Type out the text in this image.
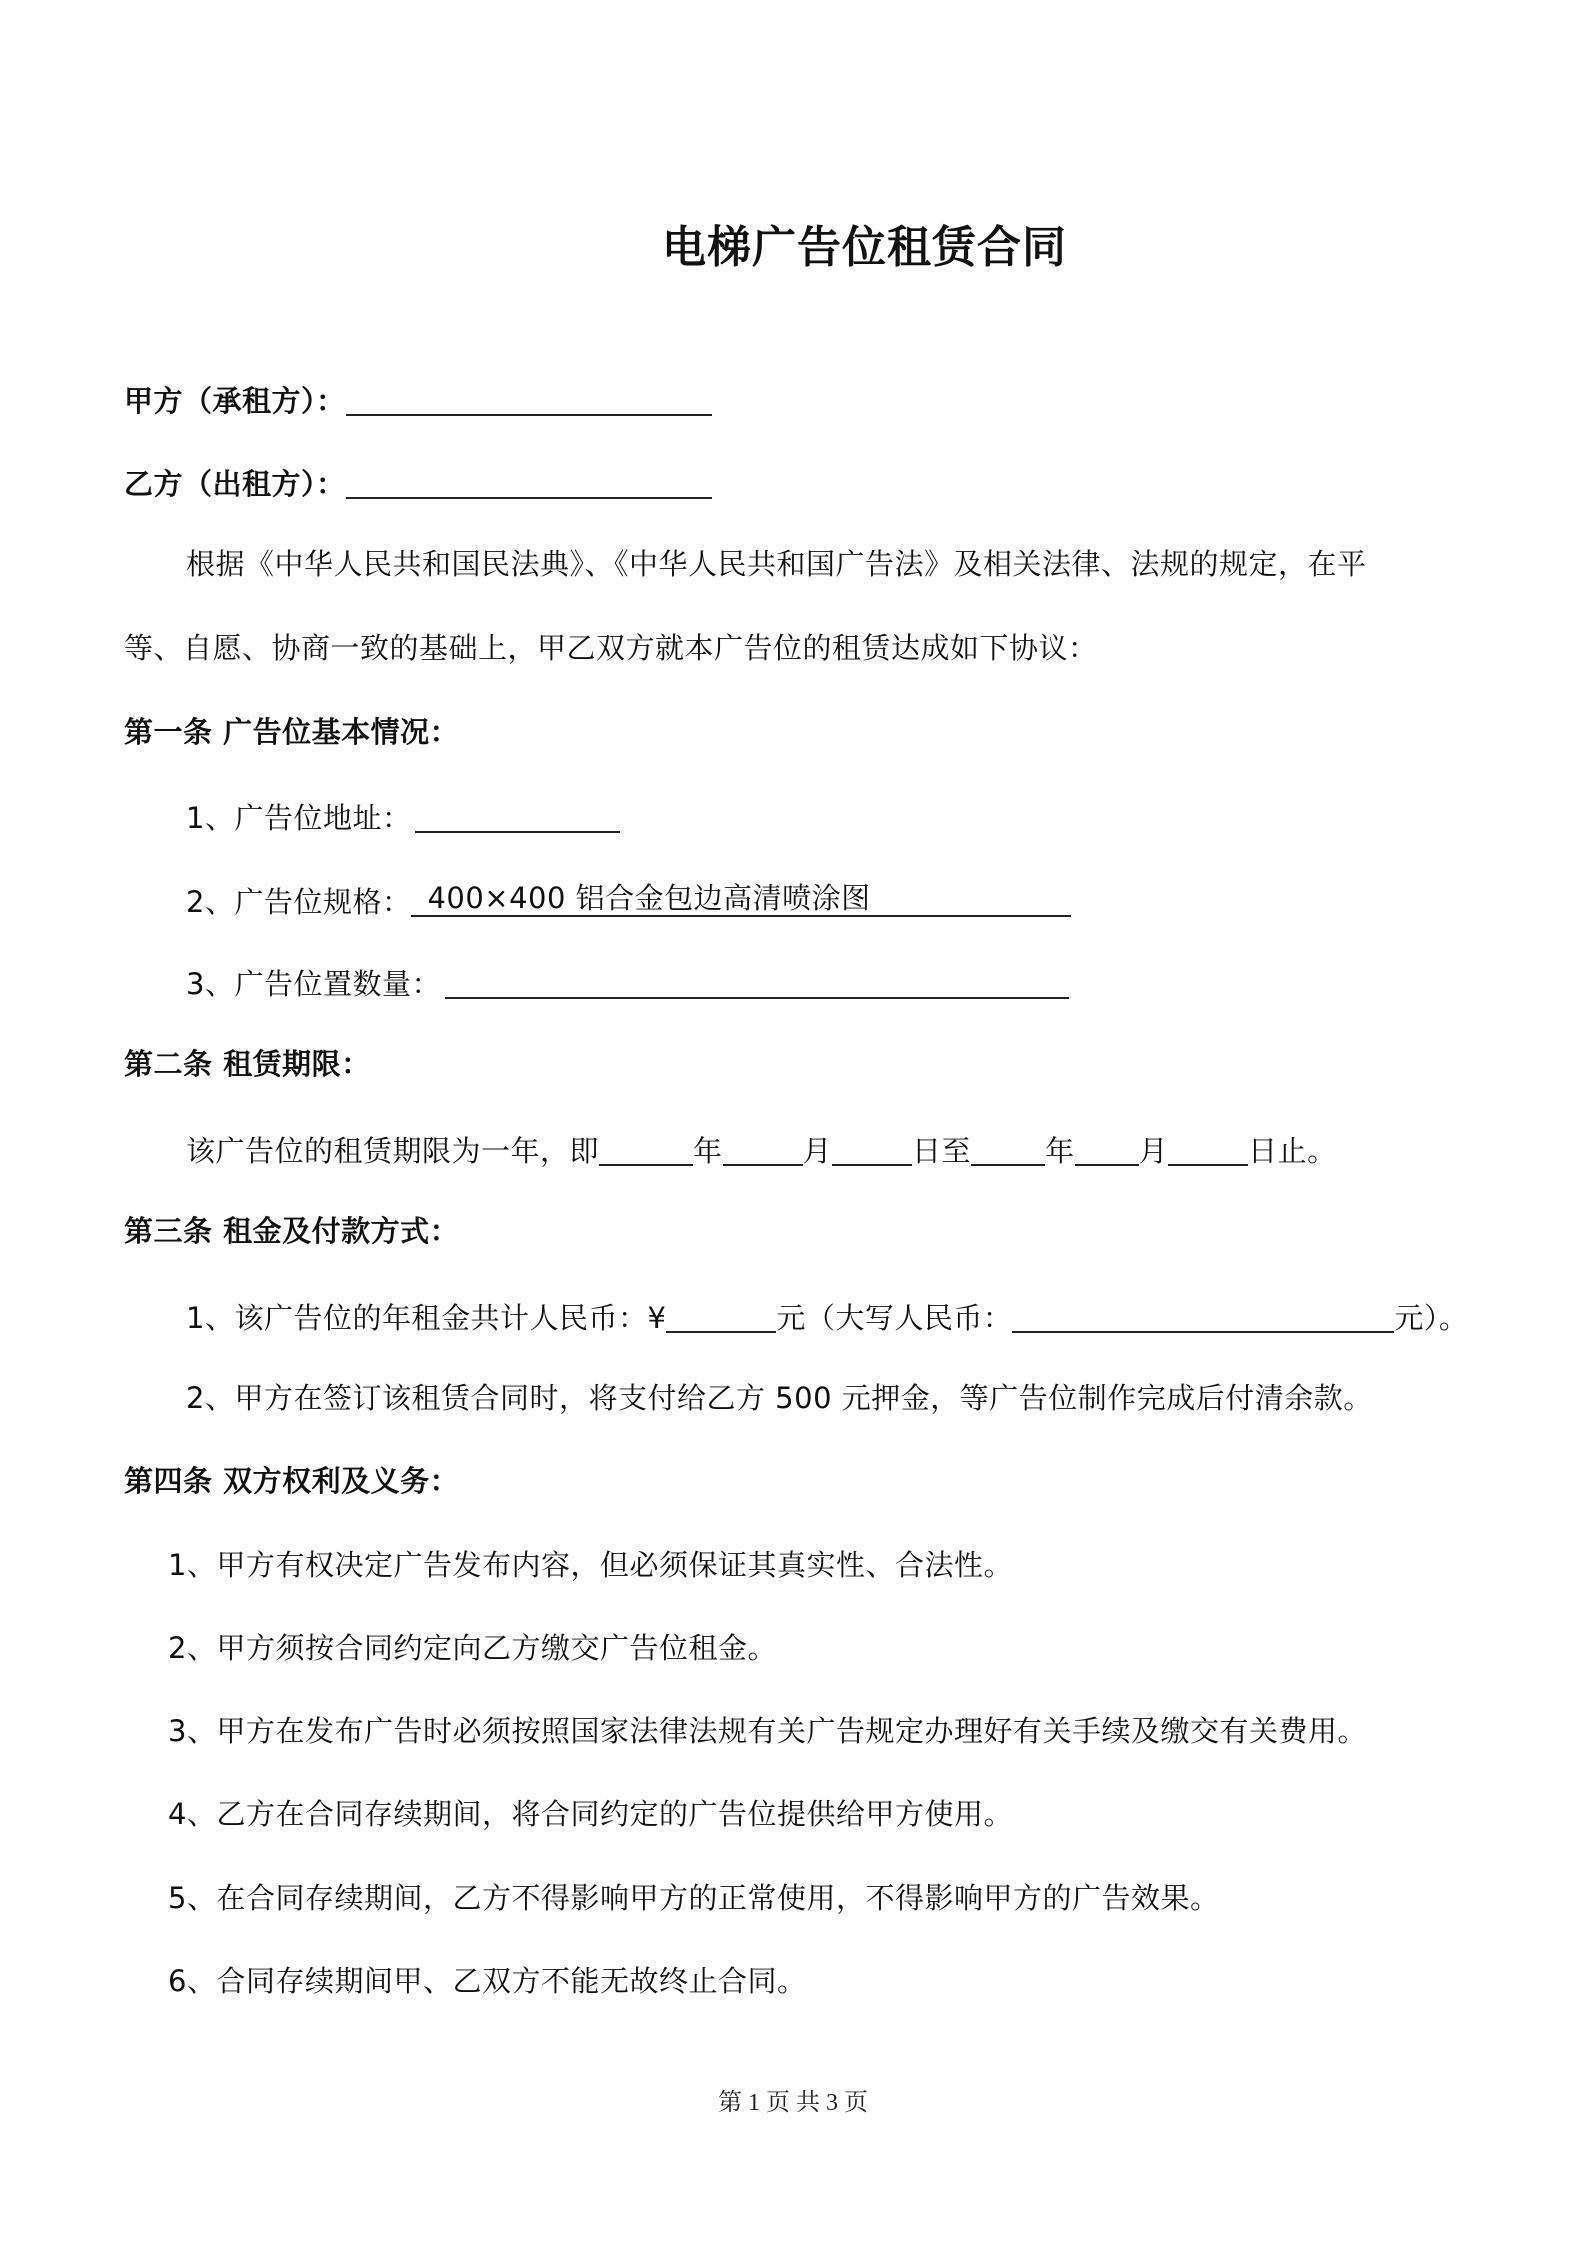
电梯广告位租赁合同
甲方（承租方）：
乙方（出租方）：
根据《中华人民共和国民法典》、《中华人民共和国广告法》及相关法律、法规的规定，在平
等、自愿、协商一致的基础上，甲乙双方就本广告位的租赁达成如下协议：
第一条 广告位基本情况：
1、广告位地址：
2、广告位规格： 400×400 铝合金包边高清喷涂图
3、广告位置数量：
第二条 租赁期限：
该广告位的租赁期限为一年，即	年	月	日至	年 月	日止。
第三条 租金及付款方式：
1、该广告位的年租金共计人民币：¥	元（大写人民币：	元）。
2、甲方在签订该租赁合同时，将支付给乙方 500 元押金，等广告位制作完成后付清余款。
第四条 双方权利及义务：
1、甲方有权决定广告发布内容，但必须保证其真实性、合法性。
2、甲方须按合同约定向乙方缴交广告位租金。
3、甲方在发布广告时必须按照国家法律法规有关广告规定办理好有关手续及缴交有关费用。
4、乙方在合同存续期间，将合同约定的广告位提供给甲方使用。
5、在合同存续期间，乙方不得影响甲方的正常使用，不得影响甲方的广告效果。
6、合同存续期间甲、乙双方不能无故终止合同。
第 1 页 共 3 页
